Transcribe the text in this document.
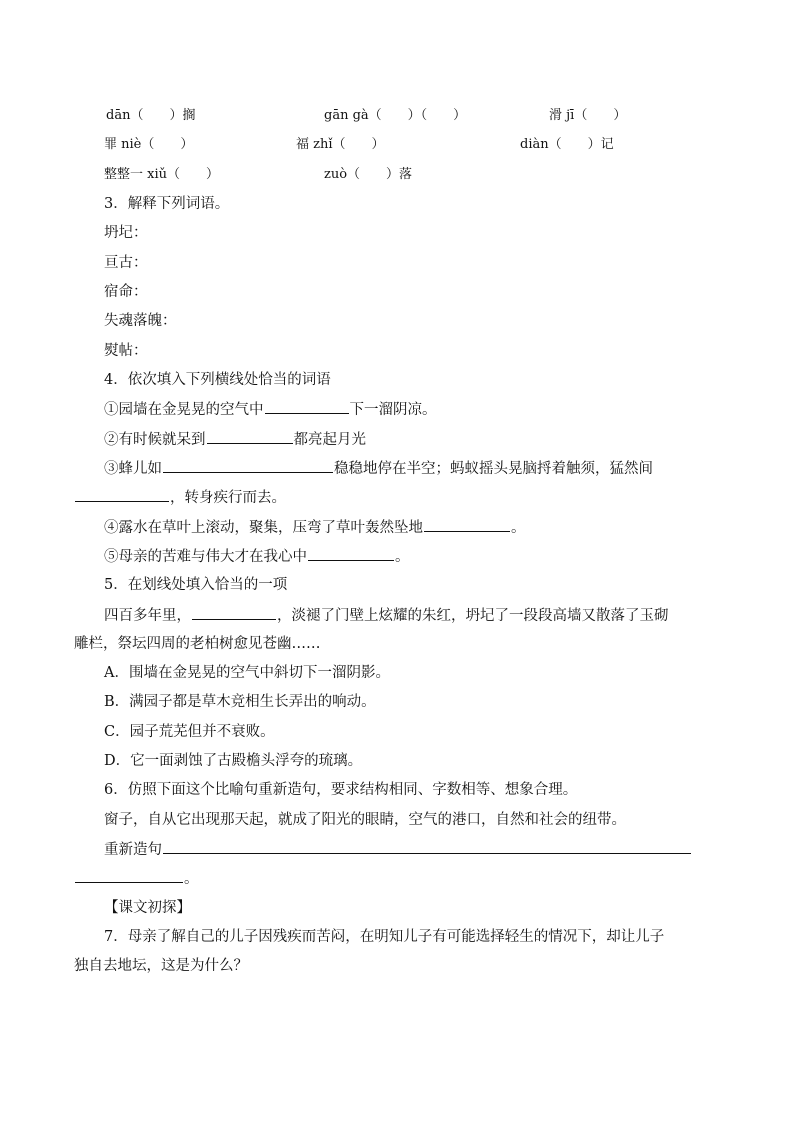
dān（　　）搁	gān gà（　　）（　　）	滑 jī（　　）
罪 niè（　　）	福 zhǐ（　　）	diàn（　　）记
整整一 xiǔ（　　）	zuò（　　）落
3．解释下列词语。
坍圮：
亘古：
宿命：
失魂落魄：
熨帖：
4．依次填入下列横线处恰当的词语
①园墙在金晃晃的空气中	下一溜阴凉。
②有时候就呆到	都亮起月光
③蜂儿如	稳稳地停在半空；蚂蚁摇头晃脑捋着触须，猛然间
，转身疾行而去。
④露水在草叶上滚动，聚集，压弯了草叶轰然坠地	。
⑤母亲的苦难与伟大才在我心中	。
5．在划线处填入恰当的一项
四百多年里，	，淡褪了门壁上炫耀的朱红，坍圮了一段段高墙又散落了玉砌
雕栏，祭坛四周的老柏树愈见苍幽……
A．围墙在金晃晃的空气中斜切下一溜阴影。
B．满园子都是草木竞相生长弄出的响动。
C．园子荒芜但并不衰败。
D．它一面剥蚀了古殿檐头浮夸的琉璃。
6．仿照下面这个比喻句重新造句，要求结构相同、字数相等、想象合理。
窗子，自从它出现那天起，就成了阳光的眼睛，空气的港口，自然和社会的纽带。
重新造句
。
【课文初探】
7．母亲了解自己的儿子因残疾而苦闷，在明知儿子有可能选择轻生的情况下，却让儿子
独自去地坛，这是为什么？
